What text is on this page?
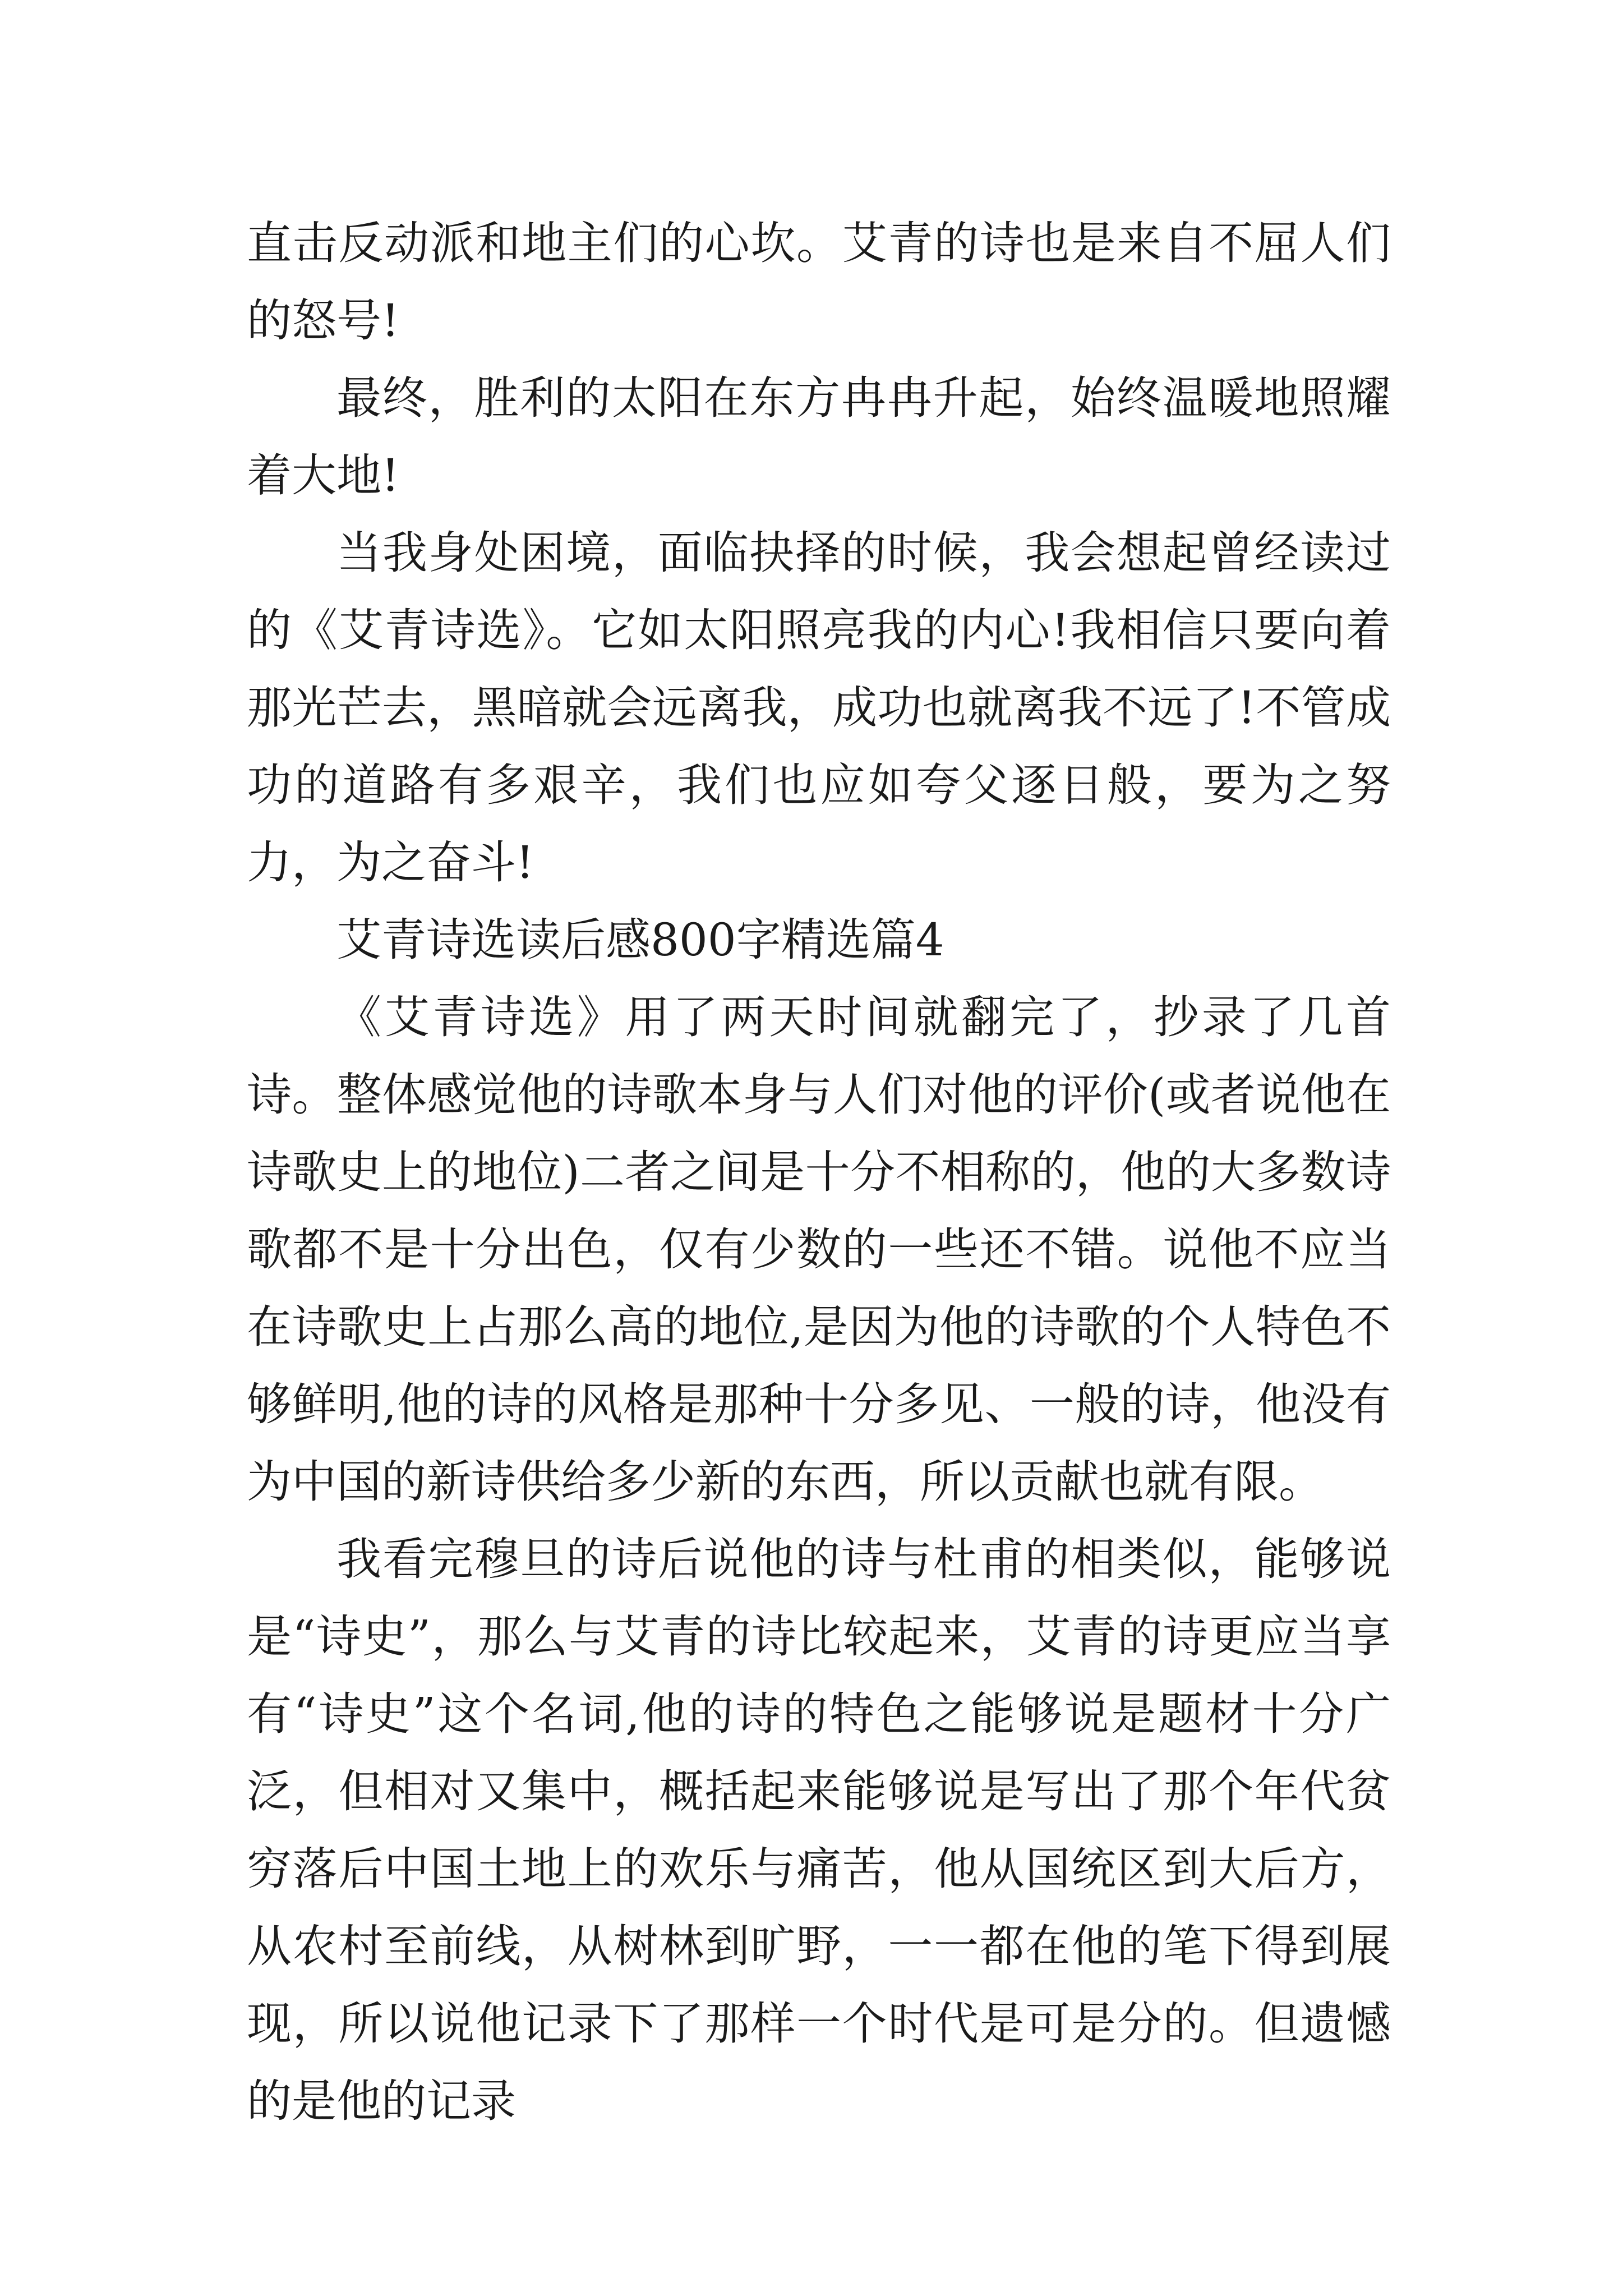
直击反动派和地主们的心坎。艾青的诗也是来自不屈人们的怒号!

最终，胜利的太阳在东方冉冉升起，始终温暖地照耀着大地!

当我身处困境，面临抉择的时候，我会想起曾经读过的《艾青诗选》。它如太阳照亮我的内心!我相信只要向着那光芒去，黑暗就会远离我，成功也就离我不远了!不管成功的道路有多艰辛，我们也应如夸父逐日般，要为之努力，为之奋斗!

艾青诗选读后感800字精选篇4

《艾青诗选》用了两天时间就翻完了，抄录了几首诗。整体感觉他的诗歌本身与人们对他的评价(或者说他在诗歌史上的地位)二者之间是十分不相称的，他的大多数诗歌都不是十分出色，仅有少数的一些还不错。说他不应当在诗歌史上占那么高的地位,是因为他的诗歌的个人特色不够鲜明,他的诗的风格是那种十分多见、一般的诗，他没有为中国的新诗供给多少新的东西，所以贡献也就有限。

我看完穆旦的诗后说他的诗与杜甫的相类似，能够说是“诗史”，那么与艾青的诗比较起来，艾青的诗更应当享有“诗史”这个名词,他的诗的特色之能够说是题材十分广泛，但相对又集中，概括起来能够说是写出了那个年代贫穷落后中国土地上的欢乐与痛苦，他从国统区到大后方，从农村至前线，从树林到旷野，一一都在他的笔下得到展现，所以说他记录下了那样一个时代是可是分的。但遗憾的是他的记录
